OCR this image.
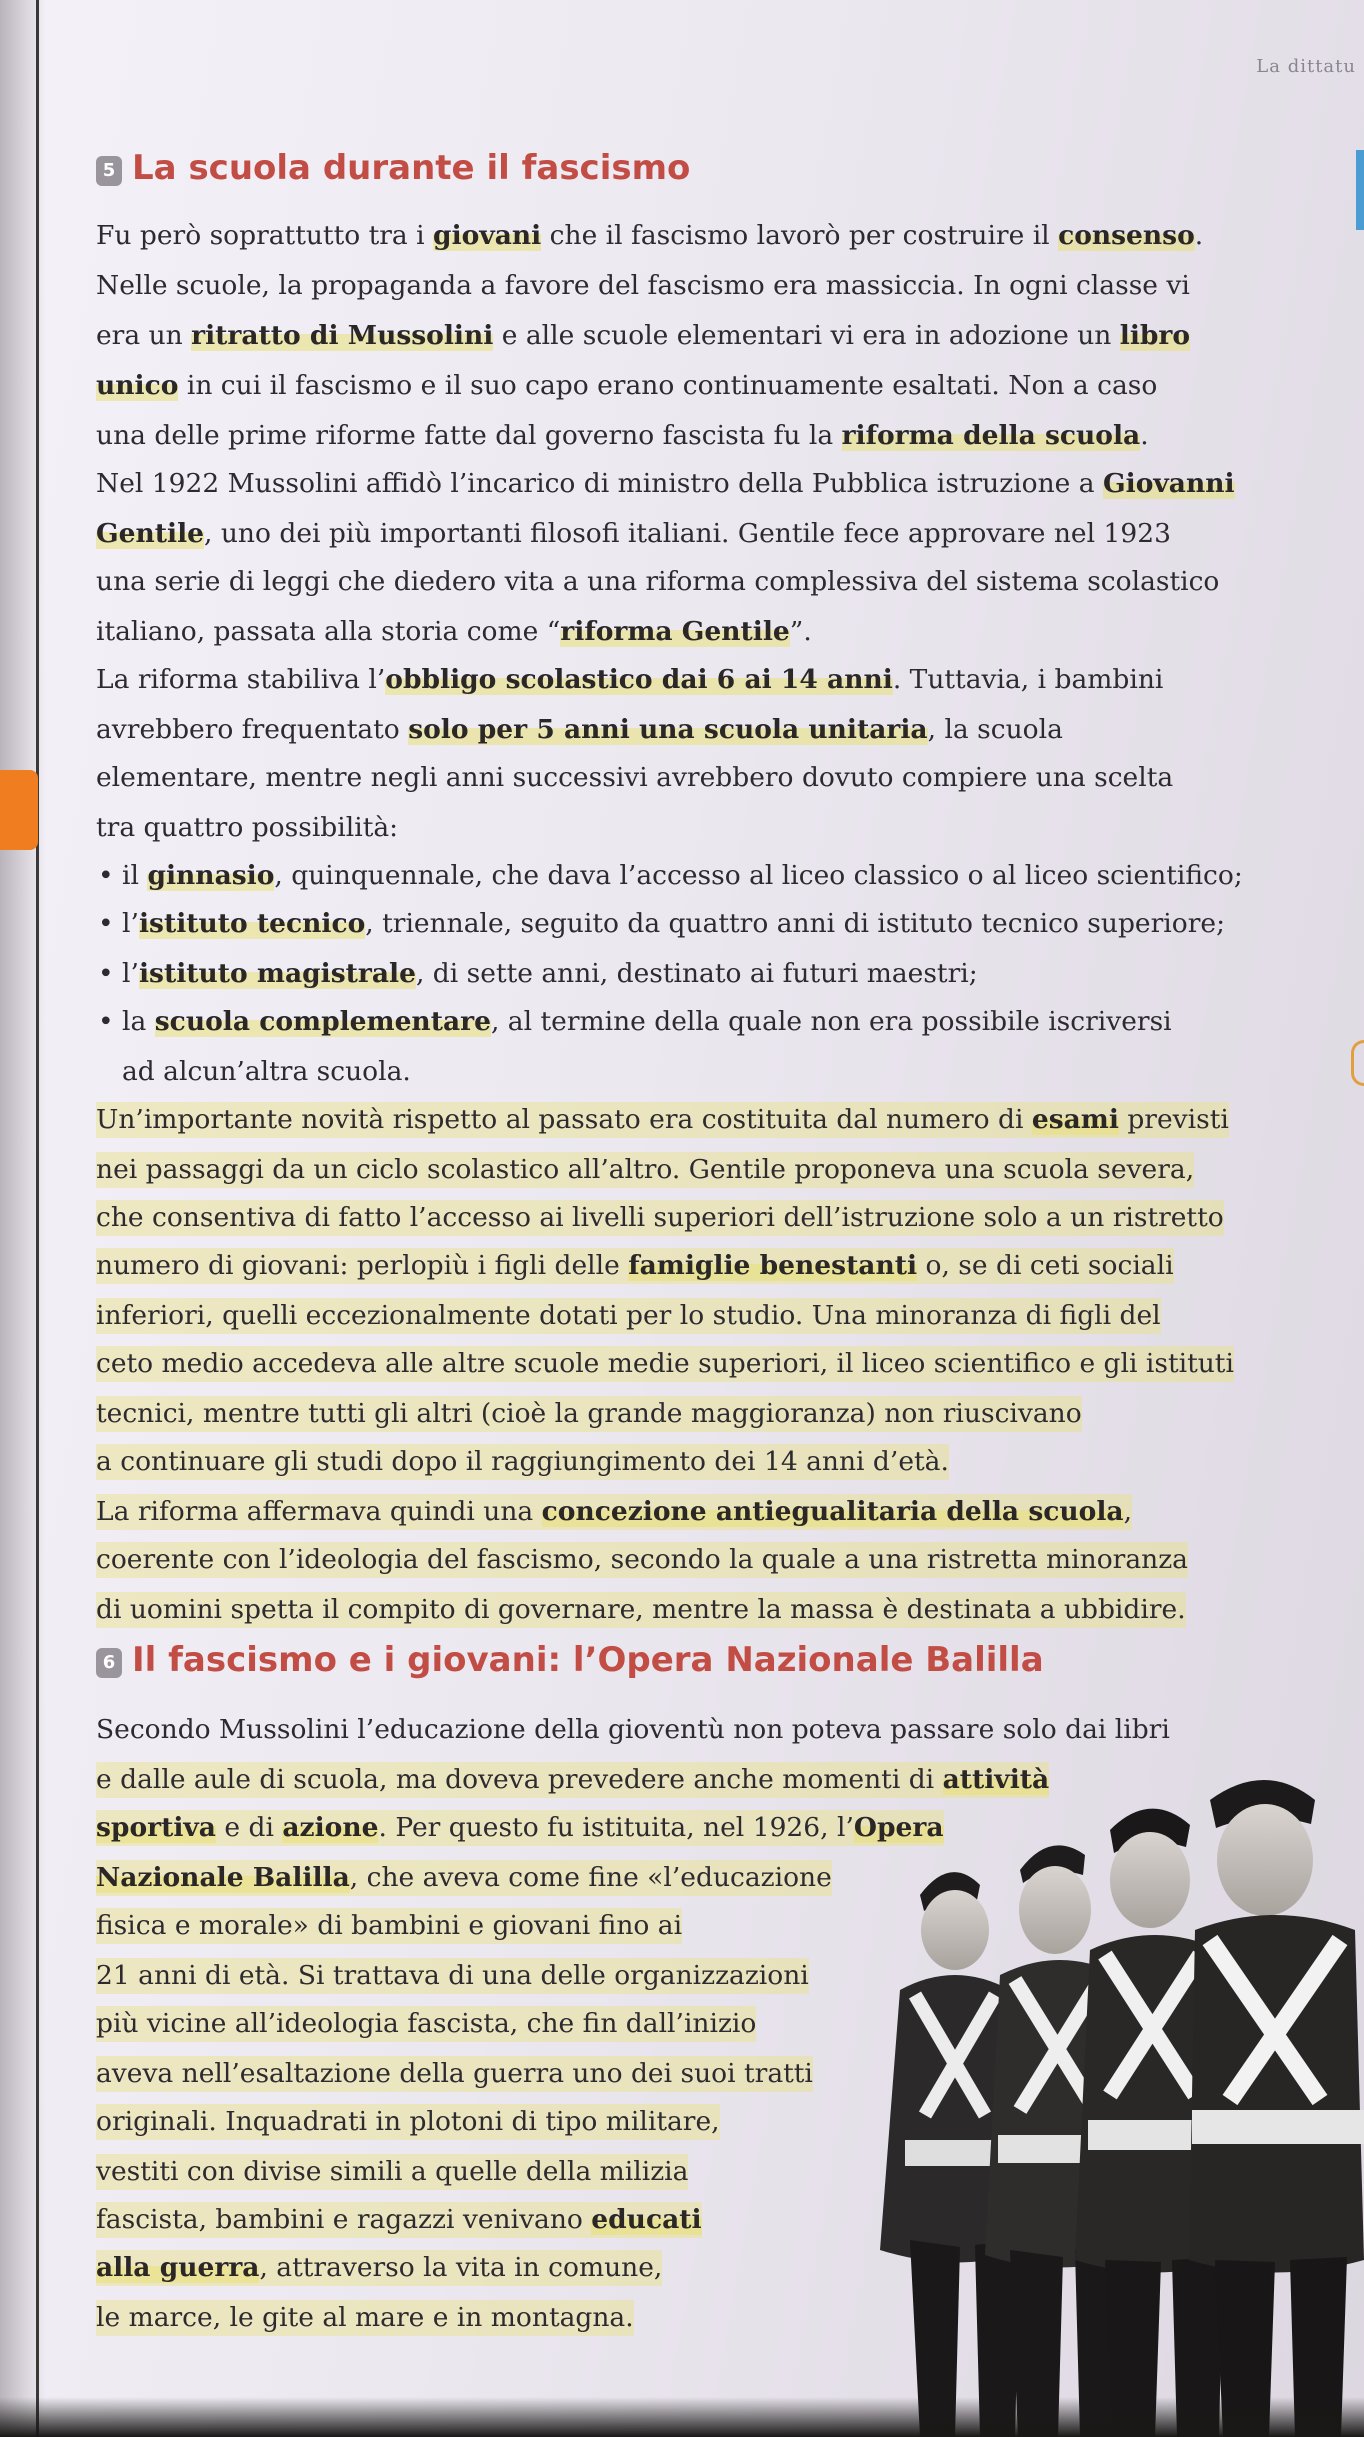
La dittatu
5 La scuola durante il fascismo
Fu però soprattutto tra i giovani che il fascismo lavorò per costruire il consenso.
Nelle scuole, la propaganda a favore del fascismo era massiccia. In ogni classe vi
era un ritratto di Mussolini e alle scuole elementari vi era in adozione un libro
unico in cui il fascismo e il suo capo erano continuamente esaltati. Non a caso
una delle prime riforme fatte dal governo fascista fu la riforma della scuola.
Nel 1922 Mussolini affidò l’incarico di ministro della Pubblica istruzione a Giovanni
Gentile, uno dei più importanti filosofi italiani. Gentile fece approvare nel 1923
una serie di leggi che diedero vita a una riforma complessiva del sistema scolastico
italiano, passata alla storia come “riforma Gentile”.
La riforma stabiliva l’obbligo scolastico dai 6 ai 14 anni. Tuttavia, i bambini
avrebbero frequentato solo per 5 anni una scuola unitaria, la scuola
elementare, mentre negli anni successivi avrebbero dovuto compiere una scelta
tra quattro possibilità:
• il ginnasio, quinquennale, che dava l’accesso al liceo classico o al liceo scientifico;
• l’istituto tecnico, triennale, seguito da quattro anni di istituto tecnico superiore;
• l’istituto magistrale, di sette anni, destinato ai futuri maestri;
• la scuola complementare, al termine della quale non era possibile iscriversi
ad alcun’altra scuola.
Un’importante novità rispetto al passato era costituita dal numero di esami previsti
nei passaggi da un ciclo scolastico all’altro. Gentile proponeva una scuola severa,
che consentiva di fatto l’accesso ai livelli superiori dell’istruzione solo a un ristretto
numero di giovani: perlopiù i figli delle famiglie benestanti o, se di ceti sociali
inferiori, quelli eccezionalmente dotati per lo studio. Una minoranza di figli del
ceto medio accedeva alle altre scuole medie superiori, il liceo scientifico e gli istituti
tecnici, mentre tutti gli altri (cioè la grande maggioranza) non riuscivano
a continuare gli studi dopo il raggiungimento dei 14 anni d’età.
La riforma affermava quindi una concezione antiegualitaria della scuola,
coerente con l’ideologia del fascismo, secondo la quale a una ristretta minoranza
di uomini spetta il compito di governare, mentre la massa è destinata a ubbidire.
6 Il fascismo e i giovani: l’Opera Nazionale Balilla
Secondo Mussolini l’educazione della gioventù non poteva passare solo dai libri
e dalle aule di scuola, ma doveva prevedere anche momenti di attività
sportiva e di azione. Per questo fu istituita, nel 1926, l’Opera
Nazionale Balilla, che aveva come fine «l’educazione
fisica e morale» di bambini e giovani fino ai
21 anni di età. Si trattava di una delle organizzazioni
più vicine all’ideologia fascista, che fin dall’inizio
aveva nell’esaltazione della guerra uno dei suoi tratti
originali. Inquadrati in plotoni di tipo militare,
vestiti con divise simili a quelle della milizia
fascista, bambini e ragazzi venivano educati
alla guerra, attraverso la vita in comune,
le marce, le gite al mare e in montagna.
